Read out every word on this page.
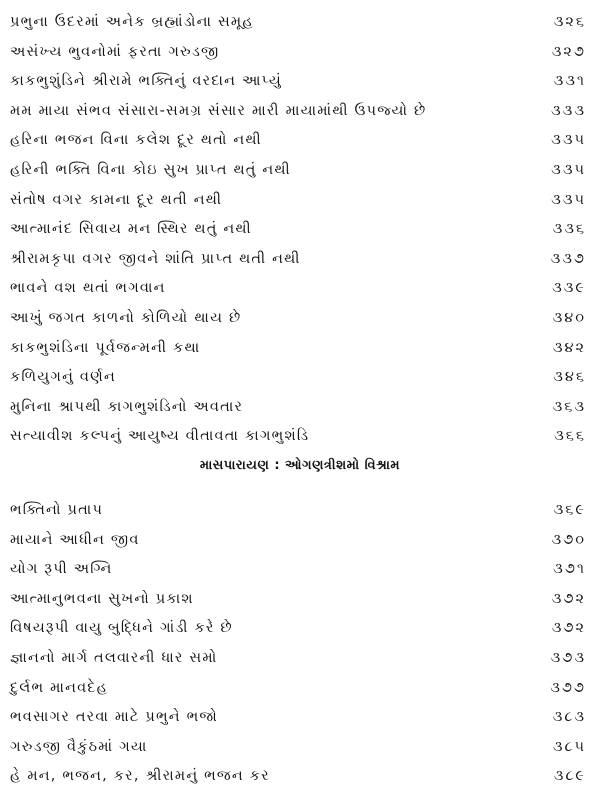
પ્રભુના ઉદરમાં અનેક બ્રહ્માંડોના સમૂહ	૩૨૬
અસંખ્ય ભુવનોમાં ફરતા ગરુડજી	૩૨૭
કાકભુશુંડિને શ્રીરામે ભક્તિનું વરદાન આપ્યું	૩૩૧
મમ માયા સંભવ સંસારા-સમગ્ર સંસાર મારી માયામાંથી ઉપજ્યો છે	૩૩૩
હરિના ભજન વિના કલેશ દૂર થતો નથી	૩૩૫
હરિની ભક્તિ વિના કોઇ સુખ પ્રાપ્ત થતું નથી	૩૩૫
સંતોષ વગર કામના દૂર થતી નથી	૩૩૫
આત્માનંદ સિવાય મન સ્થિર થતું નથી	૩૩૬
શ્રીરામકૃપા વગર જીવને શાંતિ પ્રાપ્ત થતી નથી	૩૩૭
ભાવને વશ થતાં ભગવાન	૩૩૯
આખું જગત કાળનો કોળિયો થાય છે	૩૪૦
કાકભુશંડિના પૂર્વજન્મની કથા	૩૪૨
કળિયુગનું વર્ણન	૩૪૬
મુનિના શ્રાપથી કાગભુશંડિનો અવતાર	૩૬૩
સત્યાવીશ કલ્પનું આયુષ્ય વીતાવતા કાગભુશંડિ	૩૬૬
માસપારાયણ : ઓગણત્રીશમો વિશ્રામ
ભક્તિનો પ્રતાપ	૩૬૯
માયાને આધીન જીવ	૩૭૦
યોગ રૂપી અગ્નિ	૩૭૧
આત્માનુભવના સુખનો પ્રકાશ	૩૭૨
વિષયરૂપી વાયુ બુદ્ધિને ગાંડી કરે છે	૩૭૨
જ્ઞાનનો માર્ગ તલવારની ધાર સમો	૩૭૩
દુર્લભ માનવદેહ	૩૭૭
ભવસાગર તરવા માટે પ્રભુને ભજો	૩૮૩
ગરુડજી વૈકુંઠમાં ગયા	૩૮૫
હે મન, ભજન, કર, શ્રીરામનું ભજન કર	૩૮૯
